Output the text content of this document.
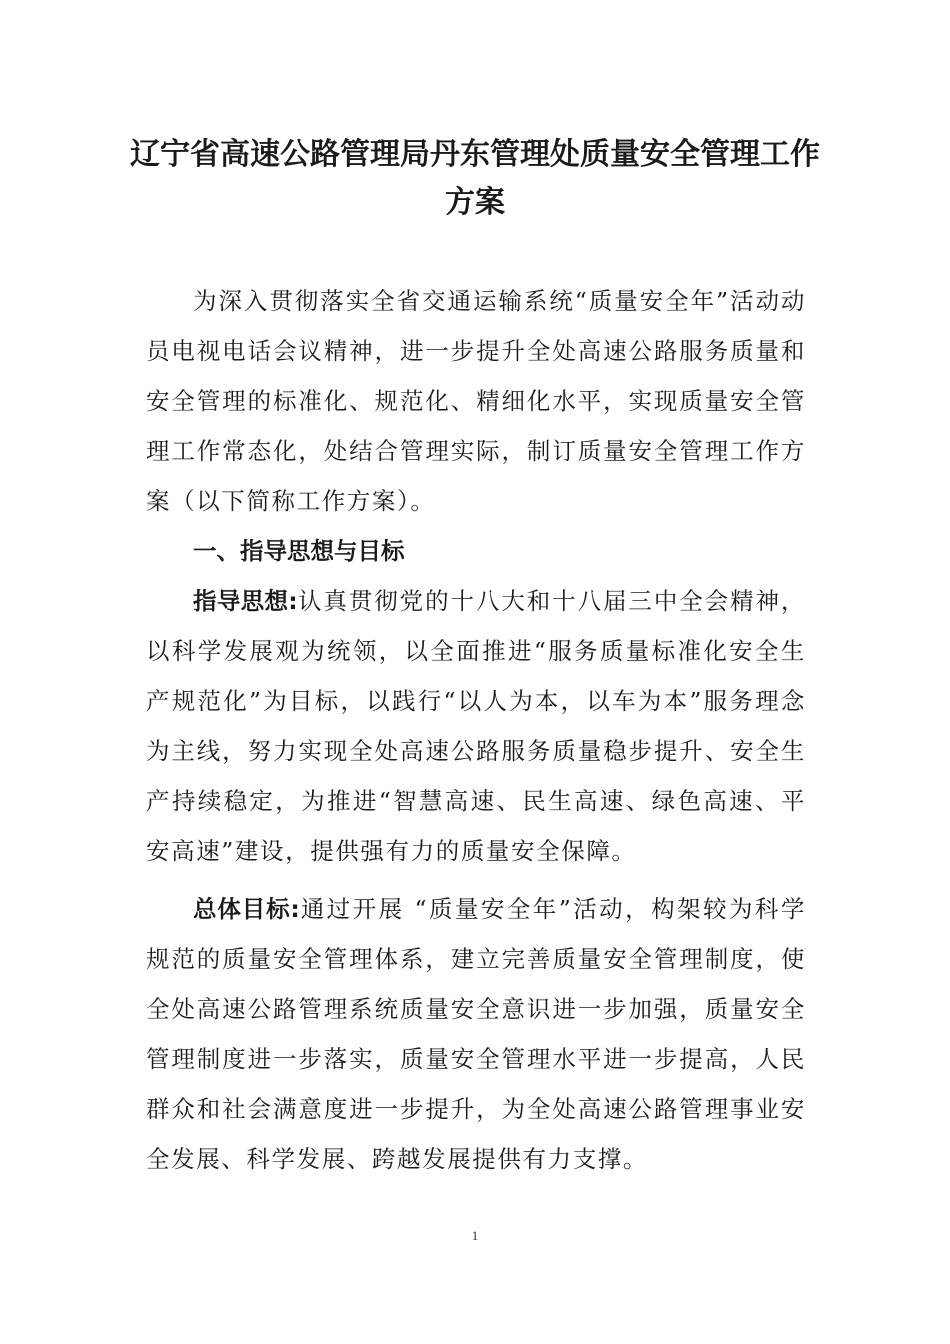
辽宁省高速公路管理局丹东管理处质量安全管理工作
方案

为深入贯彻落实全省交通运输系统“质量安全年”活动动员电视电话会议精神，进一步提升全处高速公路服务质量和安全管理的标准化、规范化、精细化水平，实现质量安全管理工作常态化，处结合管理实际，制订质量安全管理工作方案（以下简称工作方案）。

一、指导思想与目标

指导思想:认真贯彻党的十八大和十八届三中全会精神，以科学发展观为统领，以全面推进“服务质量标准化安全生产规范化”为目标，以践行“以人为本，以车为本”服务理念为主线，努力实现全处高速公路服务质量稳步提升、安全生产持续稳定，为推进“智慧高速、民生高速、绿色高速、平安高速”建设，提供强有力的质量安全保障。

总体目标:通过开展 “质量安全年”活动，构架较为科学规范的质量安全管理体系，建立完善质量安全管理制度，使全处高速公路管理系统质量安全意识进一步加强，质量安全管理制度进一步落实，质量安全管理水平进一步提高，人民群众和社会满意度进一步提升，为全处高速公路管理事业安全发展、科学发展、跨越发展提供有力支撑。

1
